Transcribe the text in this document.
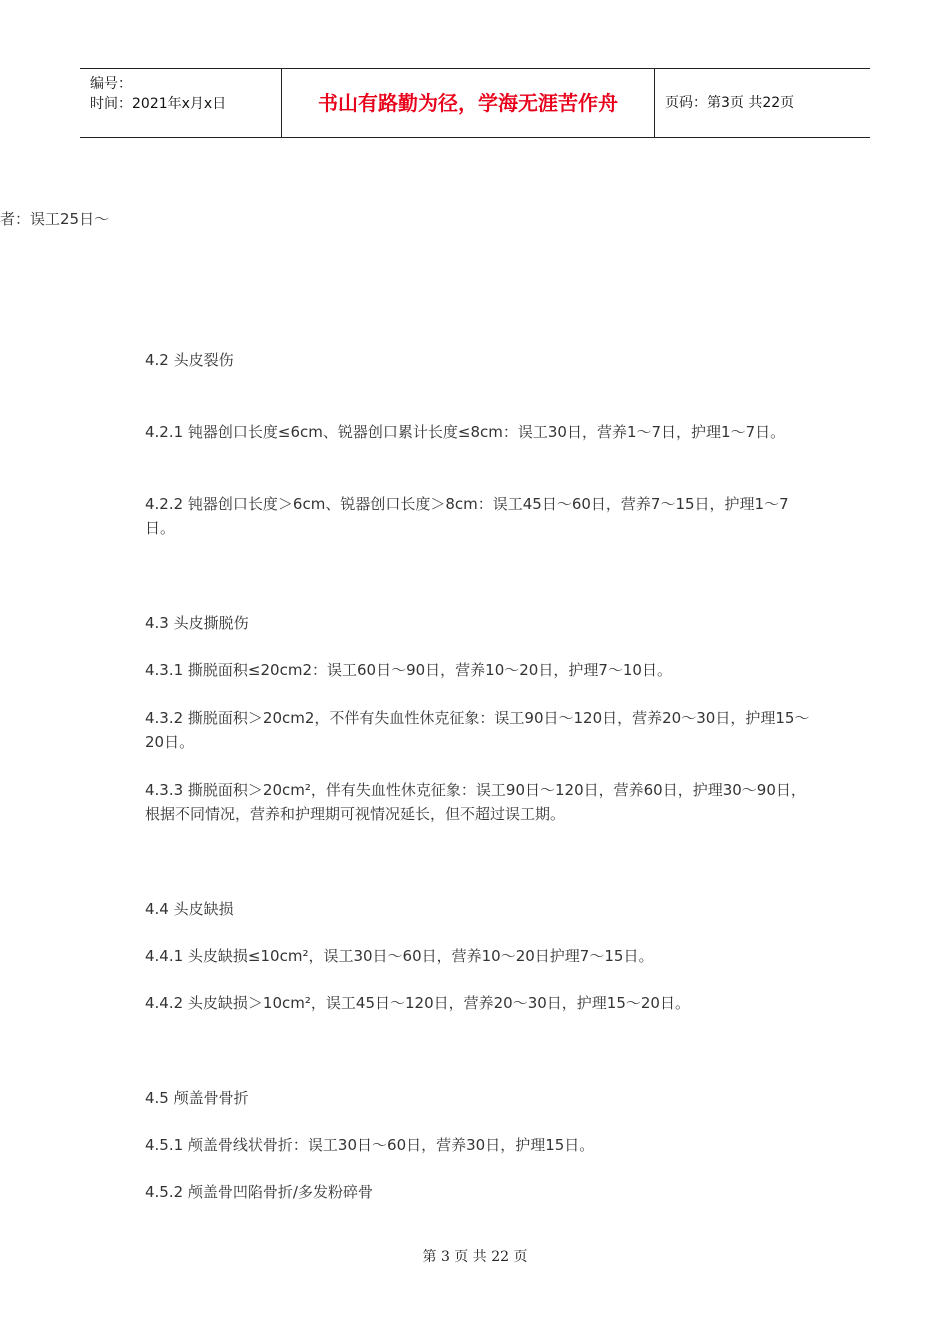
编号：
时间：2021年x月x日	书山有路勤为径，学海无涯苦作舟	页码：第3页 共22页
者：误工25日～

4.2 头皮裂伤

4.2.1 钝器创口长度≤6cm、锐器创口累计长度≤8cm：误工30日，营养1～7日，护理1～7日。

4.2.2 钝器创口长度＞6cm、锐器创口长度＞8cm：误工45日～60日，营养7～15日，护理1～7日。

4.3 头皮撕脱伤

4.3.1 撕脱面积≤20cm2：误工60日～90日，营养10～20日，护理7～10日。

4.3.2 撕脱面积＞20cm2，不伴有失血性休克征象：误工90日～120日，营养20～30日，护理15～20日。

4.3.3 撕脱面积＞20cm²，伴有失血性休克征象：误工90日～120日，营养60日，护理30～90日，根据不同情况，营养和护理期可视情况延长，但不超过误工期。

4.4 头皮缺损

4.4.1 头皮缺损≤10cm²，误工30日～60日，营养10～20日护理7～15日。

4.4.2 头皮缺损＞10cm²，误工45日～120日，营养20～30日，护理15～20日。

4.5 颅盖骨骨折

4.5.1 颅盖骨线状骨折：误工30日～60日，营养30日，护理15日。

4.5.2 颅盖骨凹陷骨折/多发粉碎骨

第 3 页 共 22 页
